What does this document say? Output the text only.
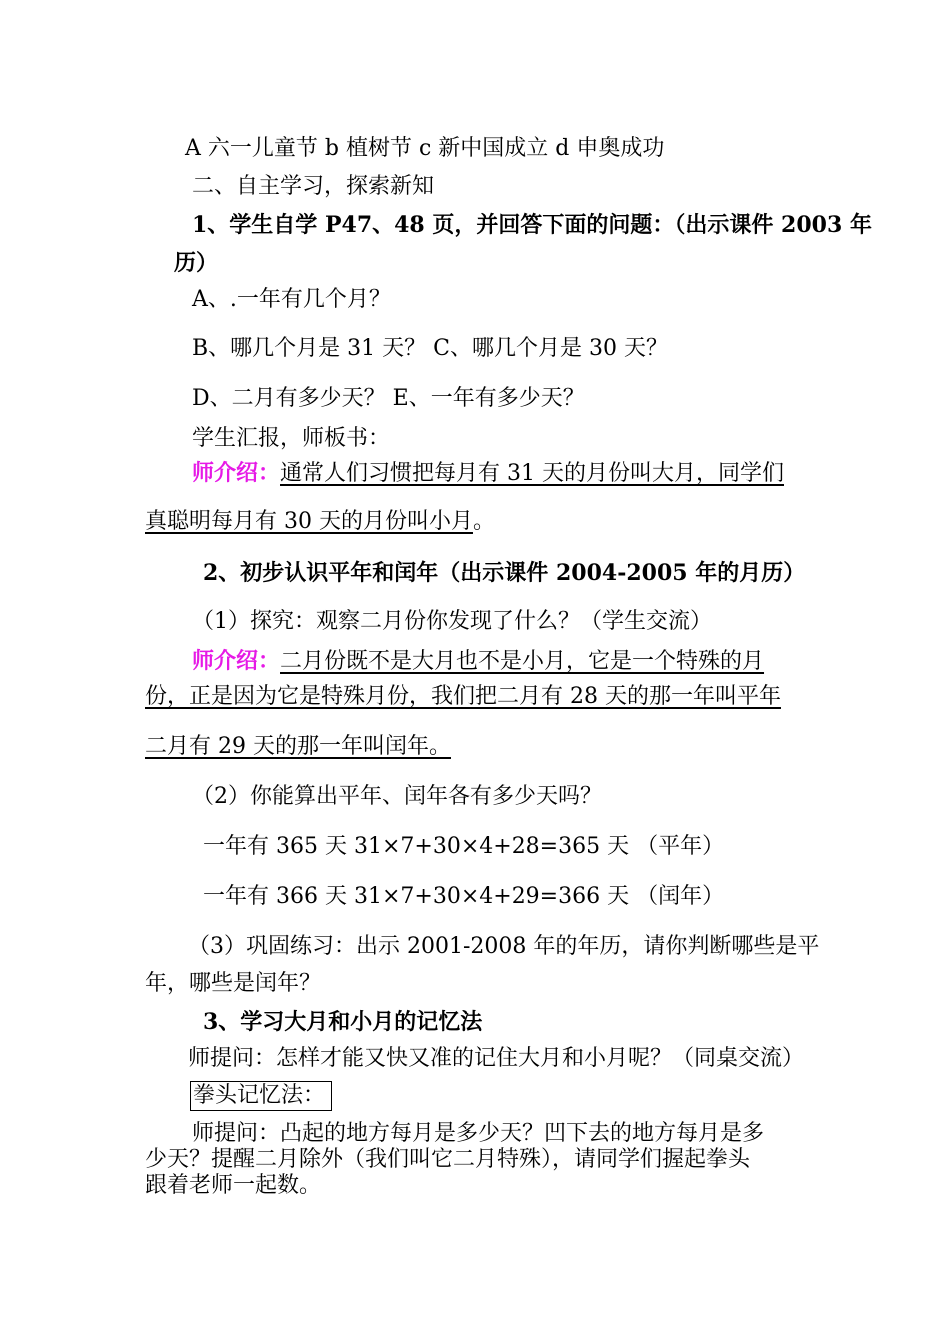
A 六一儿童节 b 植树节 c 新中国成立 d 申奥成功
二、自主学习，探索新知
1、学生自学 P47、48 页，并回答下面的问题：（出示课件 2003 年
历）
A、.一年有几个月？
B、哪几个月是 31 天？ C、哪几个月是 30 天？
D、二月有多少天？ E、一年有多少天？
学生汇报，师板书：
师介绍：通常人们习惯把每月有 31 天的月份叫大月，同学们
真聪明每月有 30 天的月份叫小月。
2、初步认识平年和闰年（出示课件 2004-2005 年的月历）
（1）探究：观察二月份你发现了什么？（学生交流）
师介绍：二月份既不是大月也不是小月，它是一个特殊的月
份，正是因为它是特殊月份，我们把二月有 28 天的那一年叫平年
二月有 29 天的那一年叫闰年。
（2）你能算出平年、闰年各有多少天吗？
一年有 365 天 31×7+30×4+28=365 天 （平年）
一年有 366 天 31×7+30×4+29=366 天 （闰年）
（3）巩固练习：出示 2001-2008 年的年历，请你判断哪些是平
年，哪些是闰年？
3、学习大月和小月的记忆法
师提问：怎样才能又快又准的记住大月和小月呢？（同桌交流）
拳头记忆法：
师提问：凸起的地方每月是多少天？凹下去的地方每月是多
少天？提醒二月除外（我们叫它二月特殊），请同学们握起拳头
跟着老师一起数。
